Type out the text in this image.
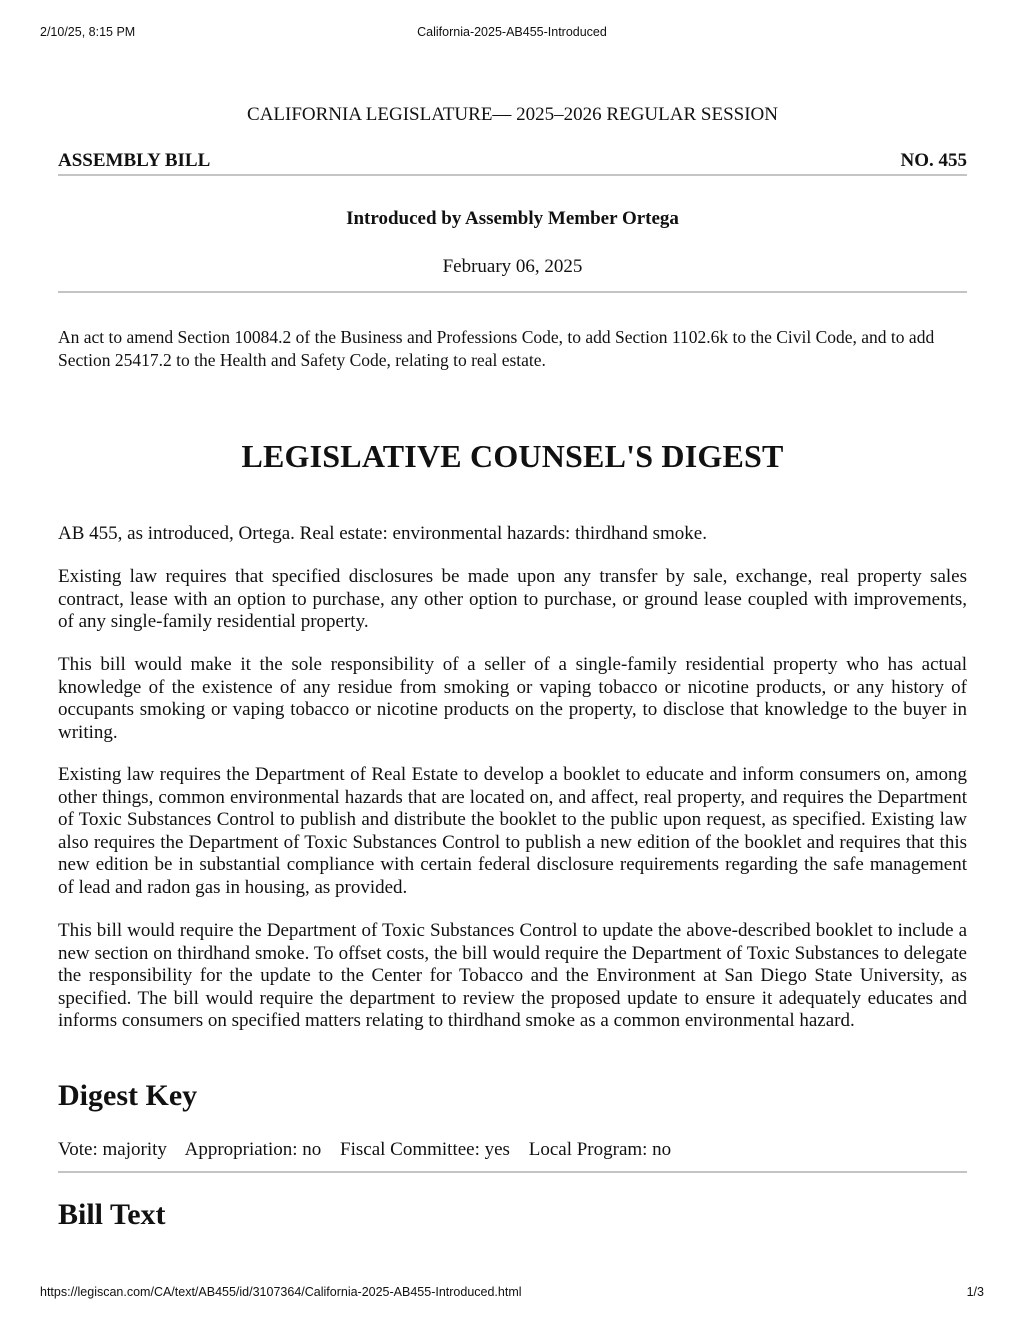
2/10/25, 8:15 PM	California-2025-AB455-Introduced
CALIFORNIA LEGISLATURE— 2025–2026 REGULAR SESSION
ASSEMBLY BILL	NO. 455
Introduced by Assembly Member Ortega
February 06, 2025
An act to amend Section 10084.2 of the Business and Professions Code, to add Section 1102.6k to the Civil Code, and to add Section 25417.2 to the Health and Safety Code, relating to real estate.
LEGISLATIVE COUNSEL'S DIGEST

AB 455, as introduced, Ortega. Real estate: environmental hazards: thirdhand smoke.

Existing law requires that specified disclosures be made upon any transfer by sale, exchange, real property sales contract, lease with an option to purchase, any other option to purchase, or ground lease coupled with improvements, of any single-family residential property.

This bill would make it the sole responsibility of a seller of a single-family residential property who has actual knowledge of the existence of any residue from smoking or vaping tobacco or nicotine products, or any history of occupants smoking or vaping tobacco or nicotine products on the property, to disclose that knowledge to the buyer in writing.

Existing law requires the Department of Real Estate to develop a booklet to educate and inform consumers on, among other things, common environmental hazards that are located on, and affect, real property, and requires the Department of Toxic Substances Control to publish and distribute the booklet to the public upon request, as specified. Existing law also requires the Department of Toxic Substances Control to publish a new edition of the booklet and requires that this new edition be in substantial compliance with certain federal disclosure requirements regarding the safe management of lead and radon gas in housing, as provided.

This bill would require the Department of Toxic Substances Control to update the above-described booklet to include a new section on thirdhand smoke. To offset costs, the bill would require the Department of Toxic Substances to delegate the responsibility for the update to the Center for Tobacco and the Environment at San Diego State University, as specified. The bill would require the department to review the proposed update to ensure it adequately educates and informs consumers on specified matters relating to thirdhand smoke as a common environmental hazard.

Digest Key
Vote: majority Appropriation: no Fiscal Committee: yes Local Program: no
Bill Text
https://legiscan.com/CA/text/AB455/id/3107364/California-2025-AB455-Introduced.html	1/3
